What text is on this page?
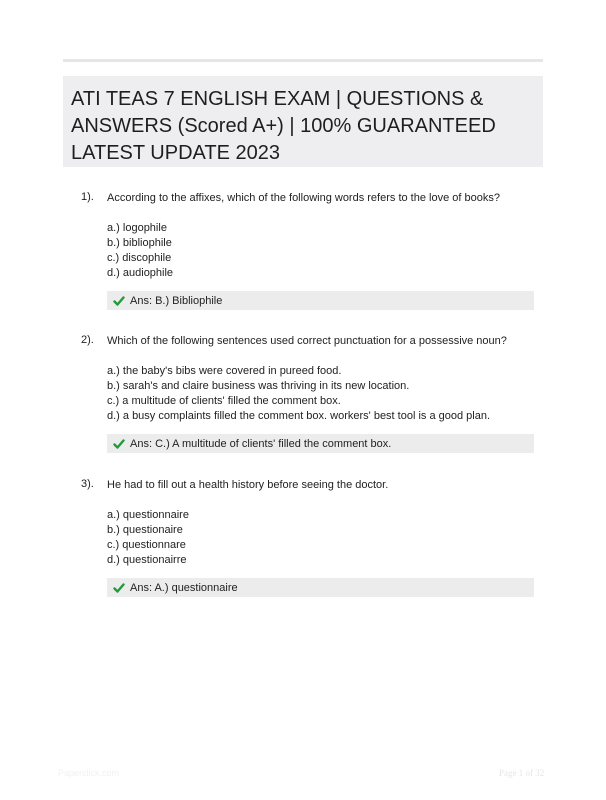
ATI TEAS 7 ENGLISH EXAM | QUESTIONS & ANSWERS (Scored A+) | 100% GUARANTEED LATEST UPDATE 2023
1). According to the affixes, which of the following words refers to the love of books?
a.) logophile
b.) bibliophile
c.) discophile
d.) audiophile
Ans: B.) Bibliophile
2). Which of the following sentences used correct punctuation for a possessive noun?
a.) the baby's bibs were covered in pureed food.
b.) sarah's and claire business was thriving in its new location.
c.) a multitude of clients' filled the comment box.
d.) a busy complaints filled the comment box. workers' best tool is a good plan.
Ans: C.) A multitude of clients' filled the comment box.
3). He had to fill out a health history before seeing the doctor.
a.) questionnaire
b.) questionaire
c.) questionnare
d.) questionairre
Ans: A.) questionnaire
Paperclick.com	Page 1 of 32
